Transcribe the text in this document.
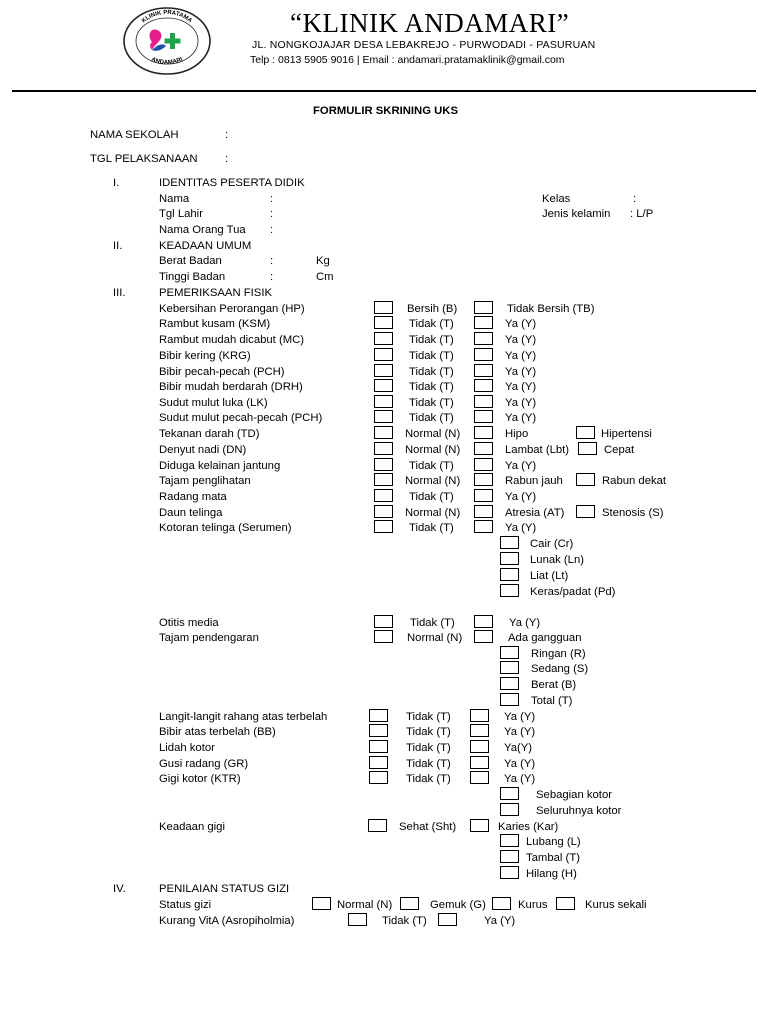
KLINIK PRATAMA
ANDAMARI
“KLINIK ANDAMARI”
JL. NONGKOJAJAR DESA LEBAKREJO - PURWODADI - PASURUAN
Telp : 0813 5905 9016 | Email : andamari.pratamaklinik@gmail.com
FORMULIR SKRINING UKS
NAMA SEKOLAH	:
TGL PELAKSANAAN :
I.	IDENTITAS PESERTA DIDIK
Nama	:
Tgl Lahir	:
Nama Orang Tua :
Kelas	:
Jenis kelamin : L/P
II.	KEADAAN UMUM
Berat Badan	:	Kg
Tinggi Badan	:	Cm
III.	PEMERIKSAAN FISIK
Kebersihan Perorangan (HP)	Bersih (B)	Tidak Bersih (TB)
Rambut kusam (KSM)	Tidak (T)	Ya (Y)
Rambut mudah dicabut (MC)	Tidak (T)	Ya (Y)
Bibir kering (KRG)	Tidak (T)	Ya (Y)
Bibir pecah-pecah (PCH)	Tidak (T)	Ya (Y)
Bibir mudah berdarah (DRH)	Tidak (T)	Ya (Y)
Sudut mulut luka (LK)	Tidak (T)	Ya (Y)
Sudut mulut pecah-pecah (PCH)	Tidak (T)	Ya (Y)
Tekanan darah (TD)	Normal (N)	Hipo	Hipertensi
Denyut nadi (DN)	Normal (N)	Lambat (Lbt)	Cepat
Diduga kelainan jantung	Tidak (T)	Ya (Y)
Tajam penglihatan	Normal (N)	Rabun jauh	Rabun dekat
Radang mata	Tidak (T)	Ya (Y)
Daun telinga	Normal (N)	Atresia (AT)	Stenosis (S)
Kotoran telinga (Serumen)	Tidak (T)	Ya (Y)
Cair (Cr)
Lunak (Ln)
Liat (Lt)
Keras/padat (Pd)
Otitis media	Tidak (T)	Ya (Y)
Tajam pendengaran	Normal (N)	Ada gangguan
Ringan (R)
Sedang (S)
Berat (B)
Total (T)
Langit-langit rahang atas terbelah	Tidak (T)	Ya (Y)
Bibir atas terbelah (BB)	Tidak (T)	Ya (Y)
Lidah kotor	Tidak (T)	Ya(Y)
Gusi radang (GR)	Tidak (T)	Ya (Y)
Gigi kotor (KTR)	Tidak (T)	Ya (Y)
Sebagian kotor
Seluruhnya kotor
Keadaan gigi	Sehat (Sht)	Karies (Kar)
Lubang (L)
Tambal (T)
Hilang (H)
IV.	PENILAIAN STATUS GIZI
Status gizi	Normal (N)	Gemuk (G)	Kurus	Kurus sekali
Kurang VitA (Asropiholmia)	Tidak (T)	Ya (Y)
